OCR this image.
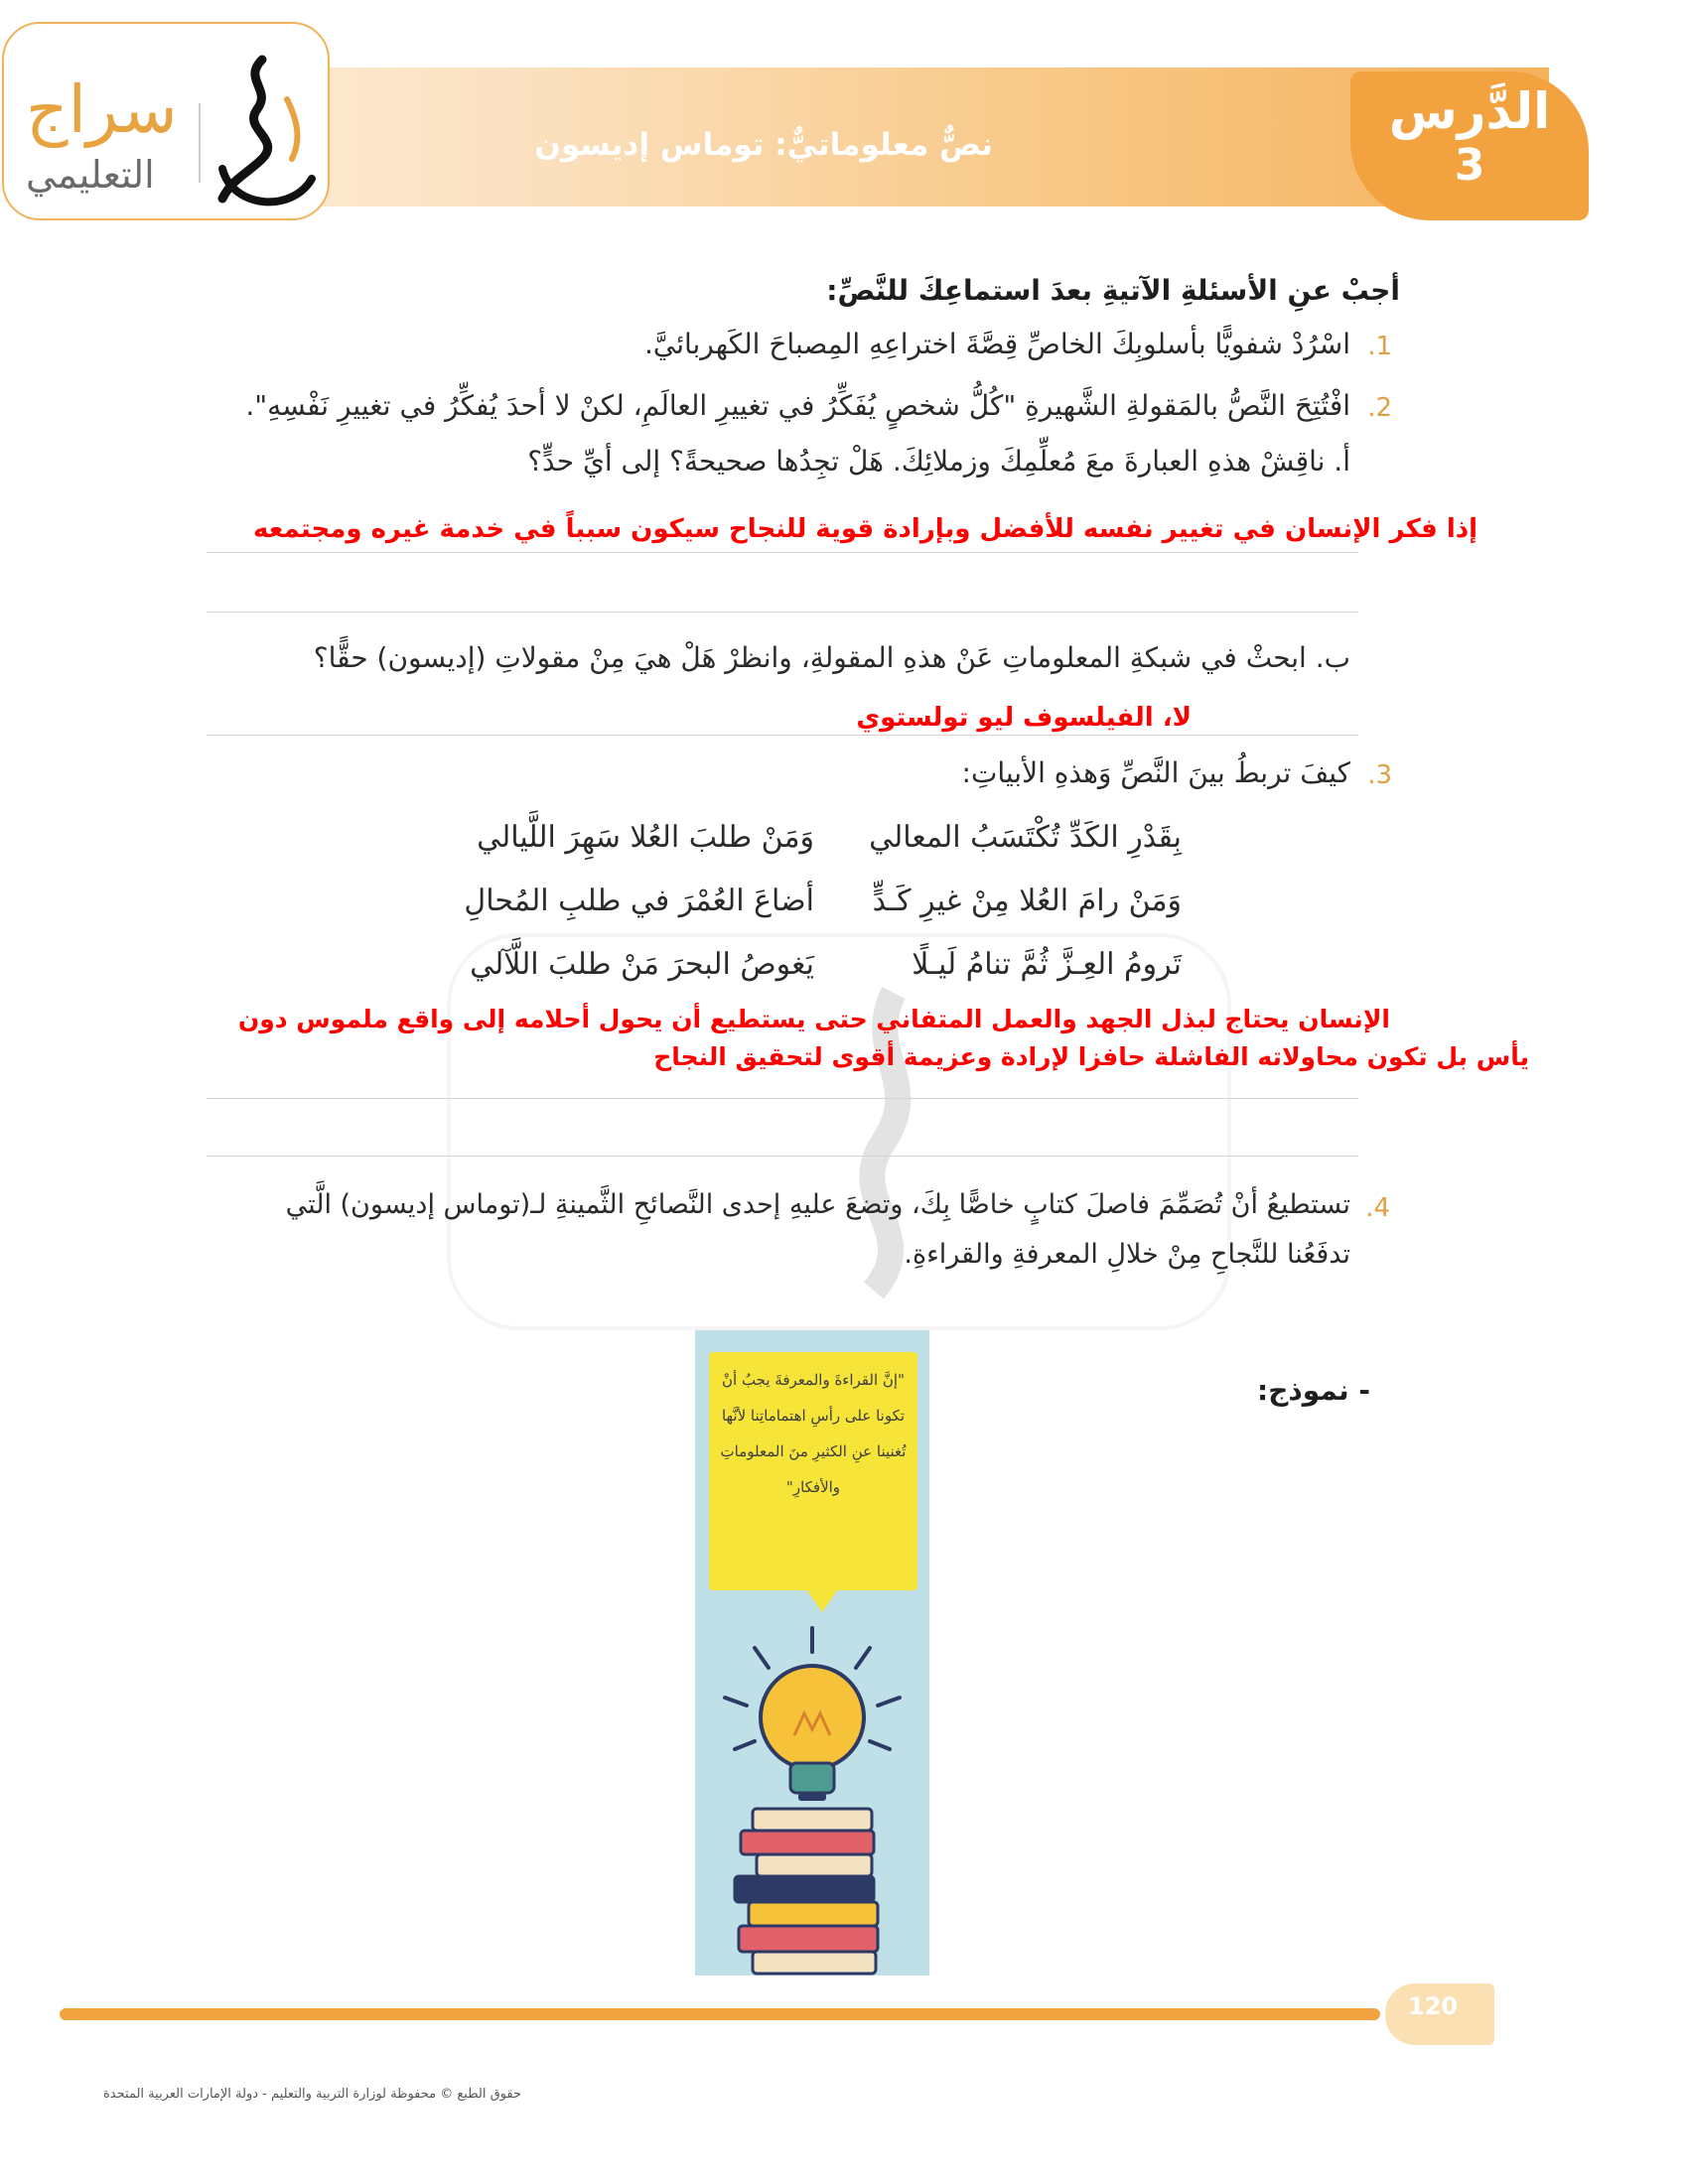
نصٌّ معلوماتيٌّ: توماس إديسون
الدَّرس
3
سراج
التعليمي
أجبْ عنِ الأسئلةِ الآتيةِ بعدَ استماعِكَ للنَّصِّ:
1.
اسْرُدْ شفويًّا بأسلوبِكَ الخاصِّ قِصَّةَ اختراعِهِ المِصباحَ الكَهربائيَّ.
2.
افْتُتِحَ النَّصُّ بالمَقولةِ الشَّهيرةِ "كُلُّ شخصٍ يُفَكِّرُ في تغييرِ العالَمِ، لكنْ لا أحدَ يُفكِّرُ في تغييرِ نَفْسِهِ".
أ. ناقِشْ هذهِ العبارةَ معَ مُعلِّمِكَ وزملائِكَ. هَلْ تجِدُها صحيحةً؟ إلى أيِّ حدٍّ؟
إذا فكر الإنسان في تغيير نفسه للأفضل وبإرادة قوية للنجاح سيكون سبباً في خدمة غيره ومجتمعه
ب. ابحثْ في شبكةِ المعلوماتِ عَنْ هذهِ المقولةِ، وانظرْ هَلْ هيَ مِنْ مقولاتِ (إديسون) حقًّا؟
لا، الفيلسوف ليو تولستوي
3.
كيفَ تربطُ بينَ النَّصِّ وَهذهِ الأبياتِ:
بِقَدْرِ الكَدِّ تُكْتَسَبُ المعالي
وَمَنْ طلبَ العُلا سَهِرَ اللَّيالي
وَمَنْ رامَ العُلا مِنْ غيرِ كَـدٍّ
أضاعَ العُمْرَ في طلبِ المُحالِ
تَرومُ العِـزَّ ثُمَّ تنامُ لَيـلًا
يَغوصُ البحرَ مَنْ طلبَ اللَّآلي
الإنسان يحتاج لبذل الجهد والعمل المتفاني حتى يستطيع أن يحول أحلامه إلى واقع ملموس دون
يأس بل تكون محاولاته الفاشلة حافزا لإرادة وعزيمة أقوى لتحقيق النجاح
4.
تستطيعُ أنْ تُصَمِّمَ فاصلَ كتابٍ خاصًّا بِكَ، وتضعَ عليهِ إحدى النَّصائحِ الثَّمينةِ لـ(توماس إديسون) الَّتي
تدفَعُنا للنَّجاحِ مِنْ خلالِ المعرفةِ والقراءةِ.
- نموذج:
"إنَّ القراءةَ والمعرفةَ يجبُ أنْ تكونا على رأسِ اهتماماتِنا لأنَّها تُغنينا عنِ الكثيرِ منَ المعلوماتِ والأفكارِ"
120
حقوق الطبع © محفوظة لوزارة التربية والتعليم - دولة الإمارات العربية المتحدة
